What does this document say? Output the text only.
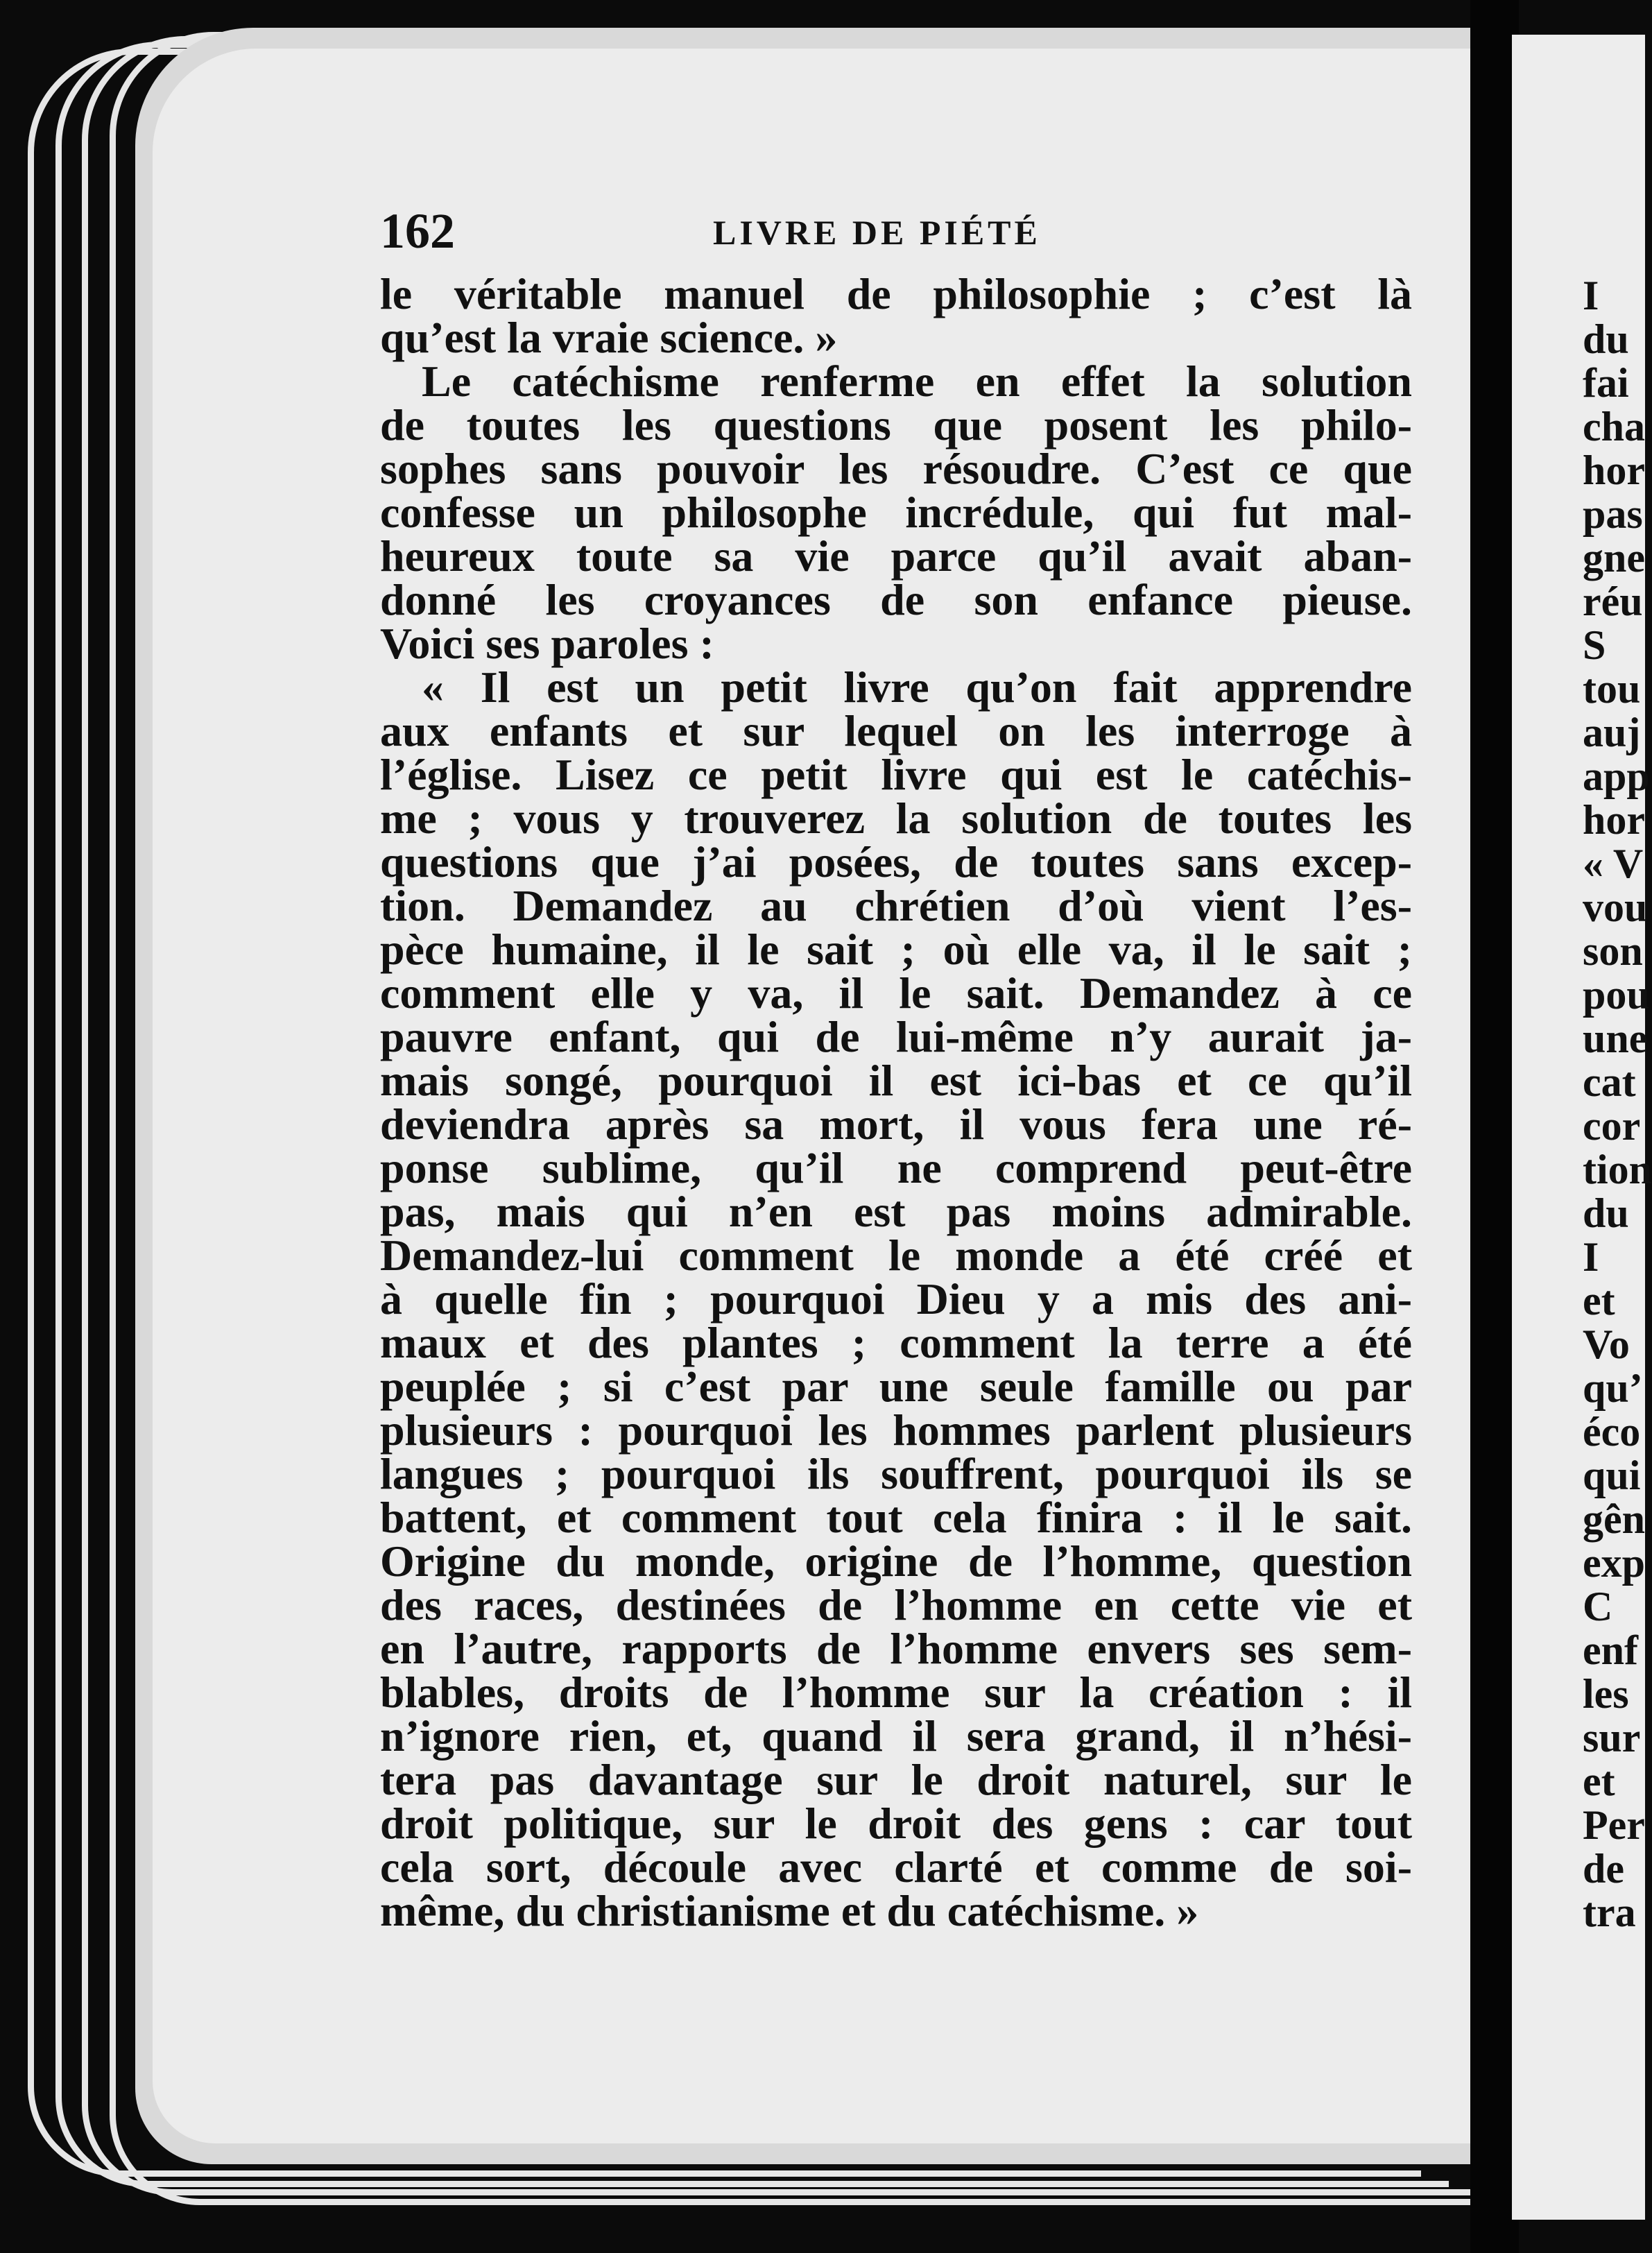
162	LIVRE DE PIÉTÉ
le véritable manuel de philosophie ; c’est là
qu’est la vraie science. »
Le catéchisme renferme en effet la solution
de toutes les questions que posent les philo-
sophes sans pouvoir les résoudre. C’est ce que
confesse un philosophe incrédule, qui fut mal-
heureux toute sa vie parce qu’il avait aban-
donné les croyances de son enfance pieuse.
Voici ses paroles :
« Il est un petit livre qu’on fait apprendre
aux enfants et sur lequel on les interroge à
l’église. Lisez ce petit livre qui est le catéchis-
me ; vous y trouverez la solution de toutes les
questions que j’ai posées, de toutes sans excep-
tion. Demandez au chrétien d’où vient l’es-
pèce humaine, il le sait ; où elle va, il le sait ;
comment elle y va, il le sait. Demandez à ce
pauvre enfant, qui de lui-même n’y aurait ja-
mais songé, pourquoi il est ici-bas et ce qu’il
deviendra après sa mort, il vous fera une ré-
ponse sublime, qu’il ne comprend peut-être
pas, mais qui n’en est pas moins admirable.
Demandez-lui comment le monde a été créé et
à quelle fin ; pourquoi Dieu y a mis des ani-
maux et des plantes ; comment la terre a été
peuplée ; si c’est par une seule famille ou par
plusieurs : pourquoi les hommes parlent plusieurs
langues ; pourquoi ils souffrent, pourquoi ils se
battent, et comment tout cela finira : il le sait.
Origine du monde, origine de l’homme, question
des races, destinées de l’homme en cette vie et
en l’autre, rapports de l’homme envers ses sem-
blables, droits de l’homme sur la création : il
n’ignore rien, et, quand il sera grand, il n’hési-
tera pas davantage sur le droit naturel, sur le
droit politique, sur le droit des gens : car tout
cela sort, découle avec clarté et comme de soi-
même, du christianisme et du catéchisme. »
I
du
fai
cha
hor
pas
gne
réu
S
tou
auj
app
hor
« V
vou
son
pou
une
cat
cor
tion
du
I
et
Vo
qu’
éco
qui
gên
exp
C
enf
les
sur
et
Per
de
tra
